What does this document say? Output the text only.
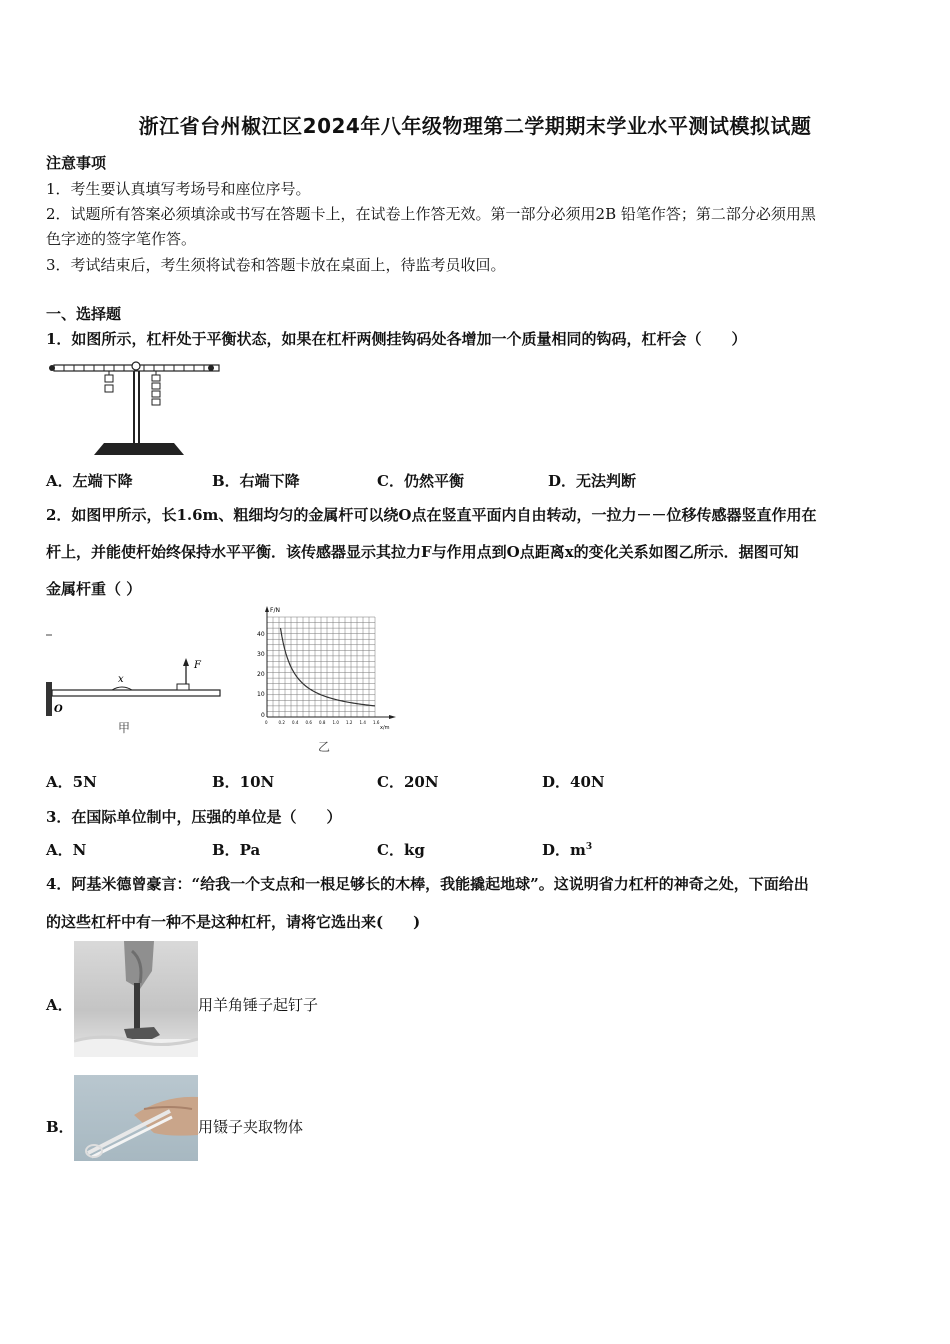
浙江省台州椒江区2024年八年级物理第二学期期末学业水平测试模拟试题
注意事项
1．考生要认真填写考场号和座位序号。
2．试题所有答案必须填涂或书写在答题卡上，在试卷上作答无效。第一部分必须用2B 铅笔作答；第二部分必须用黑
色字迹的签字笔作答。
3．考试结束后，考生须将试卷和答题卡放在桌面上，待监考员收回。
一、选择题
1．如图所示，杠杆处于平衡状态，如果在杠杆两侧挂钩码处各增加一个质量相同的钩码，杠杆会（　　）
A．左端下降	B．右端下降	C．仍然平衡	D．无法判断
2．如图甲所示，长1.6m、粗细均匀的金属杆可以绕O点在竖直平面内自由转动，一拉力－－位移传感器竖直作用在
杆上，并能使杆始终保持水平平衡．该传感器显示其拉力F与作用点到O点距离x的变化关系如图乙所示．据图可知
金属杆重（ ）
x
F
O
甲
F/N
x/m
40
30
20
10
0
0	0.2 0.4 0.6 0.8 1.0 1.2 1.4 1.6
乙
A．5N	B．10N	C．20N	D．40N
3．在国际单位制中，压强的单位是（　　）
A．N	B．Pa	C．kg	D．$m^3$
4．阿基米德曾豪言：“给我一个支点和一根足够长的木棒，我能撬起地球”。这说明省力杠杆的神奇之处，下面给出
的这些杠杆中有一种不是这种杠杆，请将它选出来(　　)
A．	用羊角锤子起钉子
B．	用镊子夹取物体
